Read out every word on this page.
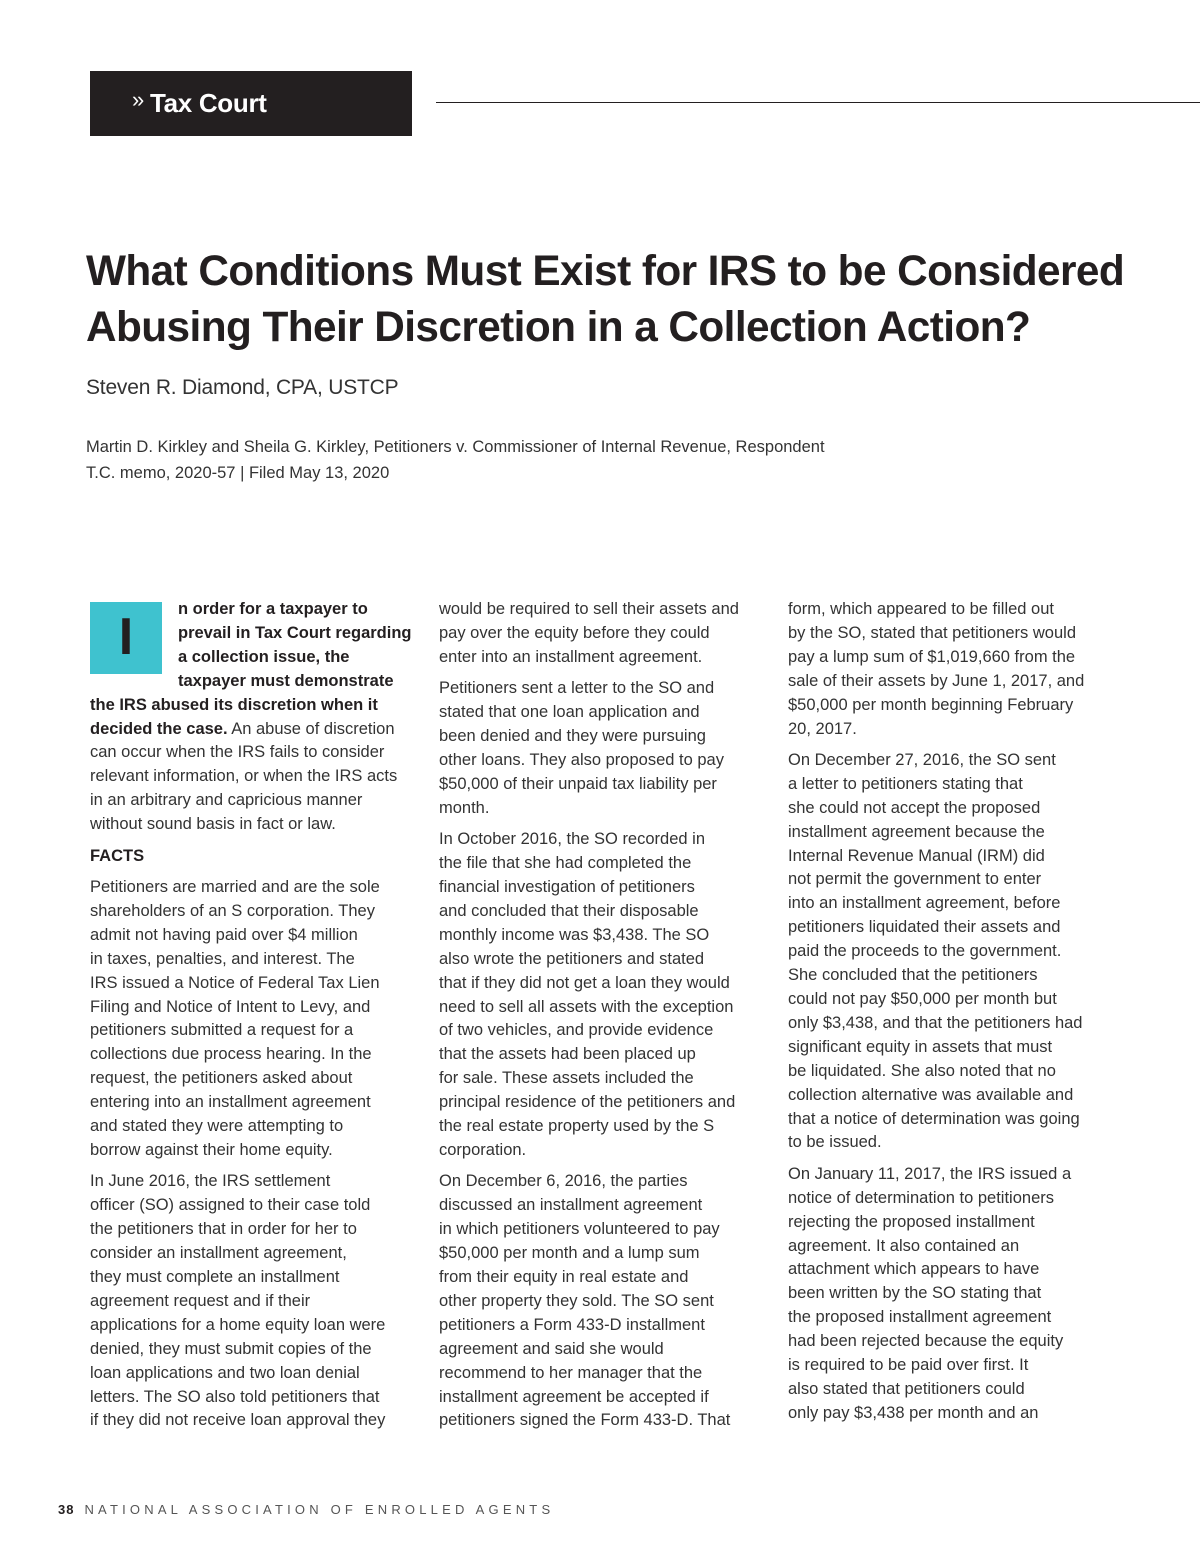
» Tax Court
What Conditions Must Exist for IRS to be Considered
Abusing Their Discretion in a Collection Action?

Steven R. Diamond, CPA, USTCP

Martin D. Kirkley and Sheila G. Kirkley, Petitioners v. Commissioner of Internal Revenue, Respondent
T.C. memo, 2020-57 | Filed May 13, 2020
I	n order for a taxpayer to
prevail in Tax Court regarding
a collection issue, the
taxpayer must demonstrate
the IRS abused its discretion when it
decided the case. An abuse of discretion
can occur when the IRS fails to consider
relevant information, or when the IRS acts
in an arbitrary and capricious manner
without sound basis in fact or law.

FACTS

Petitioners are married and are the sole
shareholders of an S corporation. They
admit not having paid over $4 million
in taxes, penalties, and interest. The
IRS issued a Notice of Federal Tax Lien
Filing and Notice of Intent to Levy, and
petitioners submitted a request for a
collections due process hearing. In the
request, the petitioners asked about
entering into an installment agreement
and stated they were attempting to
borrow against their home equity.

In June 2016, the IRS settlement
officer (SO) assigned to their case told
the petitioners that in order for her to
consider an installment agreement,
they must complete an installment
agreement request and if their
applications for a home equity loan were
denied, they must submit copies of the
loan applications and two loan denial
letters. The SO also told petitioners that
if they did not receive loan approval they

would be required to sell their assets and
pay over the equity before they could
enter into an installment agreement.

Petitioners sent a letter to the SO and
stated that one loan application and
been denied and they were pursuing
other loans. They also proposed to pay
$50,000 of their unpaid tax liability per
month.

In October 2016, the SO recorded in
the file that she had completed the
financial investigation of petitioners
and concluded that their disposable
monthly income was $3,438. The SO
also wrote the petitioners and stated
that if they did not get a loan they would
need to sell all assets with the exception
of two vehicles, and provide evidence
that the assets had been placed up
for sale. These assets included the
principal residence of the petitioners and
the real estate property used by the S
corporation.

On December 6, 2016, the parties
discussed an installment agreement
in which petitioners volunteered to pay
$50,000 per month and a lump sum
from their equity in real estate and
other property they sold. The SO sent
petitioners a Form 433-D installment
agreement and said she would
recommend to her manager that the
installment agreement be accepted if
petitioners signed the Form 433-D. That

form, which appeared to be filled out
by the SO, stated that petitioners would
pay a lump sum of $1,019,660 from the
sale of their assets by June 1, 2017, and
$50,000 per month beginning February
20, 2017.

On December 27, 2016, the SO sent
a letter to petitioners stating that
she could not accept the proposed
installment agreement because the
Internal Revenue Manual (IRM) did
not permit the government to enter
into an installment agreement, before
petitioners liquidated their assets and
paid the proceeds to the government.
She concluded that the petitioners
could not pay $50,000 per month but
only $3,438, and that the petitioners had
significant equity in assets that must
be liquidated. She also noted that no
collection alternative was available and
that a notice of determination was going
to be issued.

On January 11, 2017, the IRS issued a
notice of determination to petitioners
rejecting the proposed installment
agreement. It also contained an
attachment which appears to have
been written by the SO stating that
the proposed installment agreement
had been rejected because the equity
is required to be paid over first. It
also stated that petitioners could
only pay $3,438 per month and an

38 NATIONAL ASSOCIATION OF ENROLLED AGENTS
